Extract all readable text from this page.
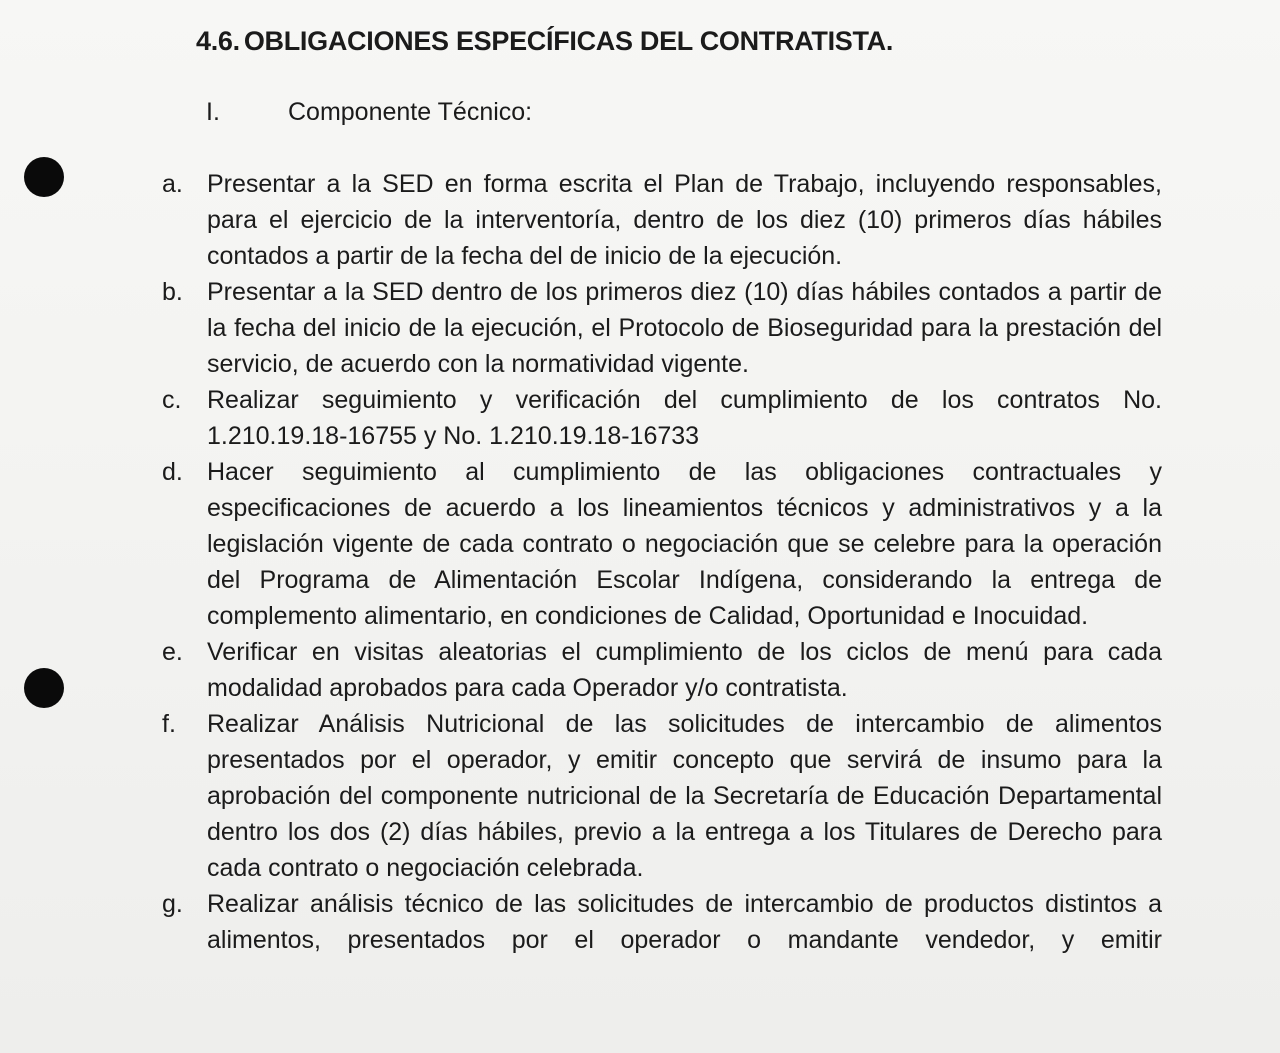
4.6. OBLIGACIONES ESPECÍFICAS DEL CONTRATISTA.
I.	Componente Técnico:
a. Presentar a la SED en forma escrita el Plan de Trabajo, incluyendo responsables, para el ejercicio de la interventoría, dentro de los diez (10) primeros días hábiles contados a partir de la fecha del de inicio de la ejecución.
b. Presentar a la SED dentro de los primeros diez (10) días hábiles contados a partir de la fecha del inicio de la ejecución, el Protocolo de Bioseguridad para la prestación del servicio, de acuerdo con la normatividad vigente.
c.	Realizar seguimiento y verificación del cumplimiento de los contratos No. 1.210.19.18-16755 y No. 1.210.19.18-16733
d. Hacer seguimiento al cumplimiento de las obligaciones contractuales y especificaciones de acuerdo a los lineamientos técnicos y administrativos y a la legislación vigente de cada contrato o negociación que se celebre para la operación del Programa de Alimentación Escolar Indígena, considerando la entrega de complemento alimentario, en condiciones de Calidad, Oportunidad e Inocuidad.
e. Verificar en visitas aleatorias el cumplimiento de los ciclos de menú para cada modalidad aprobados para cada Operador y/o contratista.
f.	Realizar Análisis Nutricional de las solicitudes de intercambio de alimentos presentados por el operador, y emitir concepto que servirá de insumo para la aprobación del componente nutricional de la Secretaría de Educación Departamental dentro los dos (2) días hábiles, previo a la entrega a los Titulares de Derecho para cada contrato o negociación celebrada.
g. Realizar análisis técnico de las solicitudes de intercambio de productos distintos a alimentos, presentados por el operador o mandante vendedor, y emitir
